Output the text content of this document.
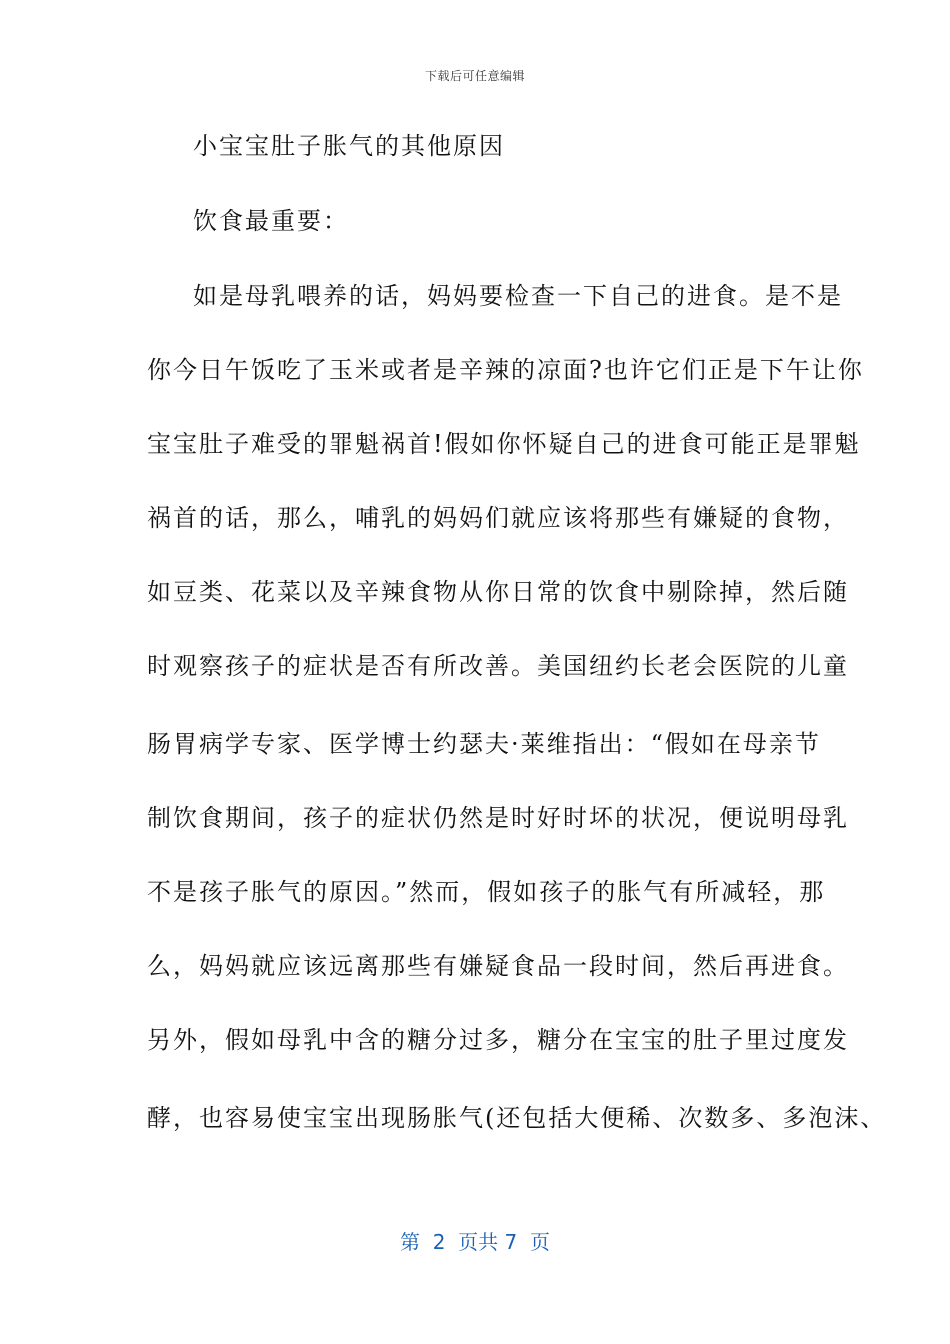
下载后可任意编辑
小宝宝肚子胀气的其他原因
饮食最重要：
如是母乳喂养的话，妈妈要检查一下自己的进食。是不是
你今日午饭吃了玉米或者是辛辣的凉面?也许它们正是下午让你
宝宝肚子难受的罪魁祸首!假如你怀疑自己的进食可能正是罪魁
祸首的话，那么，哺乳的妈妈们就应该将那些有嫌疑的食物，
如豆类、花菜以及辛辣食物从你日常的饮食中剔除掉，然后随
时观察孩子的症状是否有所改善。美国纽约长老会医院的儿童
肠胃病学专家、医学博士约瑟夫·莱维指出：“假如在母亲节
制饮食期间，孩子的症状仍然是时好时坏的状况，便说明母乳
不是孩子胀气的原因。”然而，假如孩子的胀气有所减轻，那
么，妈妈就应该远离那些有嫌疑食品一段时间，然后再进食。
另外，假如母乳中含的糖分过多，糖分在宝宝的肚子里过度发
酵，也容易使宝宝出现肠胀气(还包括大便稀、次数多、多泡沫、
第  2  页共 7  页
